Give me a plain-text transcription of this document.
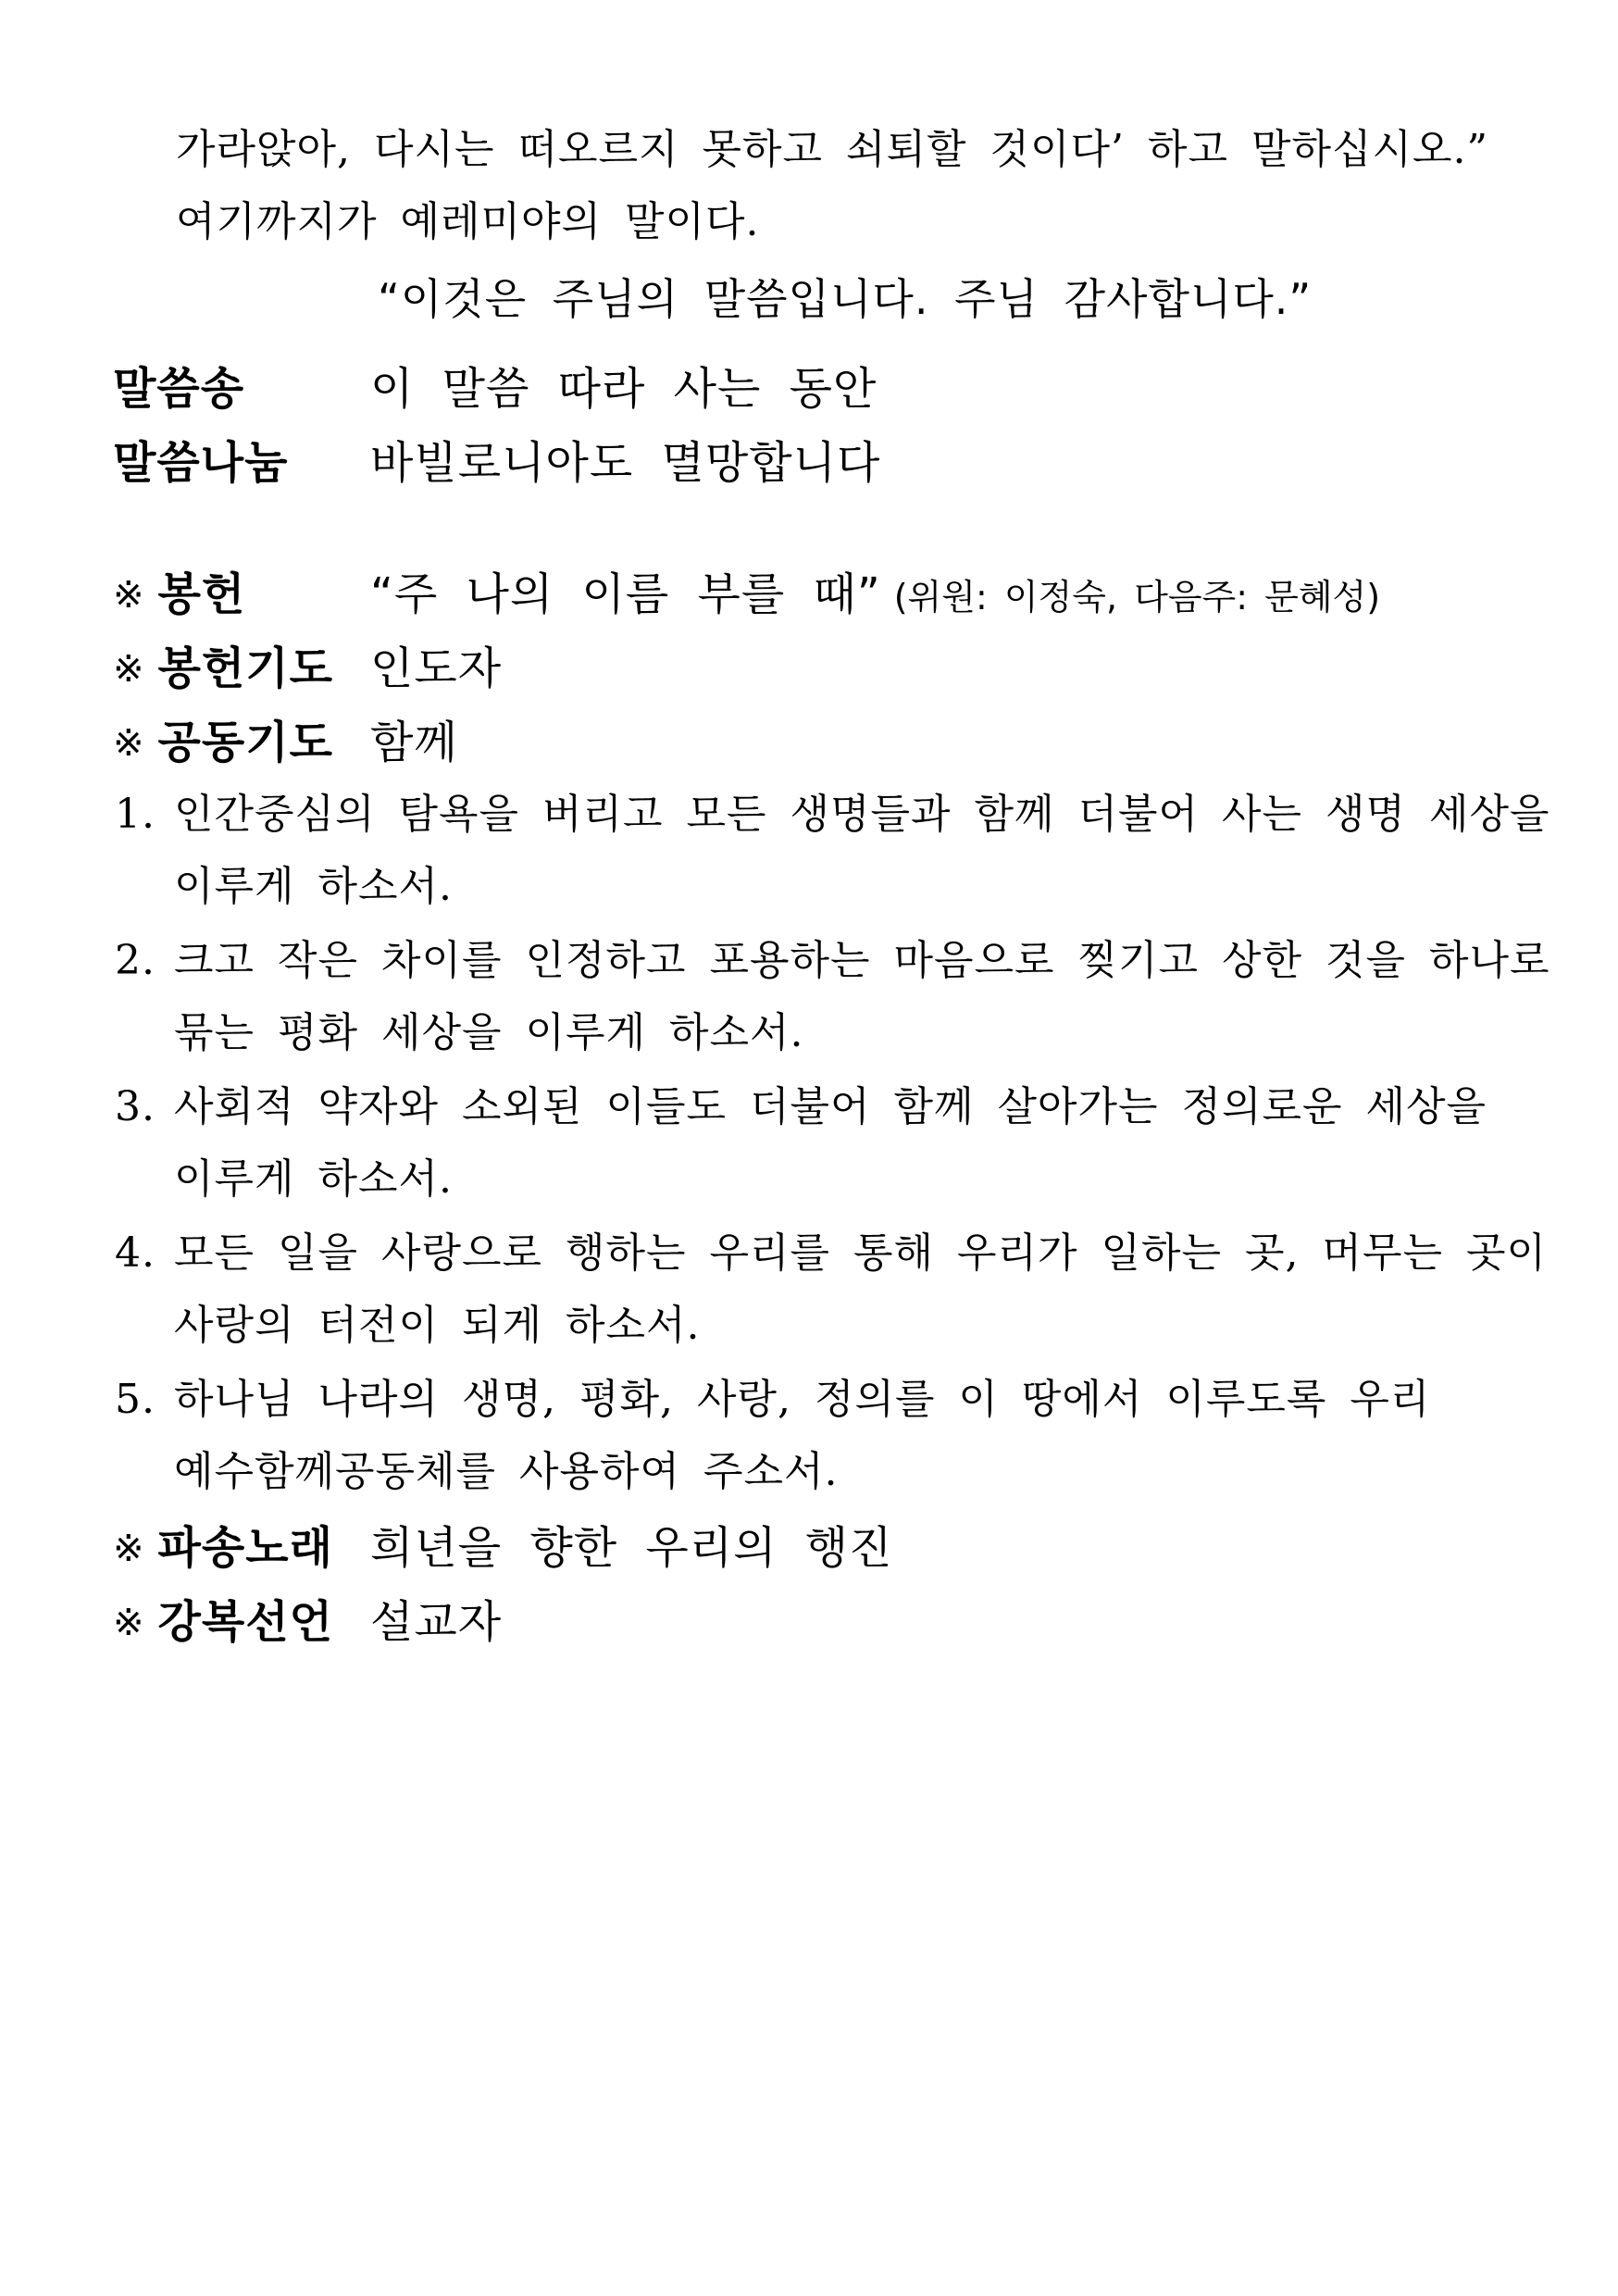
가라앉아, 다시는 떠오르지 못하고 쇠퇴할 것이다’ 하고 말하십시오.”
여기까지가 예레미야의 말이다.
“이것은 주님의 말씀입니다. 주님 감사합니다.”
말씀송	이 말씀 따라 사는 동안
말씀나눔 바빌로니아도 멸망합니다
※ 봉헌	“주 나의 이름 부를 때” (위원: 이정숙, 다음주: 문혜성)
※ 봉헌기도 인도자
※ 공동기도 함께
1. 인간중심의 탐욕을 버리고 모든 생명들과 함께 더불어 사는 생명 세상을
이루게 하소서.
2. 크고 작은 차이를 인정하고 포용하는 마음으로 찢기고 상한 것을 하나로
묶는 평화 세상을 이루게 하소서.
3. 사회적 약자와 소외된 이들도 더불어 함께 살아가는 정의로운 세상을
이루게 하소서.
4. 모든 일을 사랑으로 행하는 우리를 통해 우리가 일하는 곳, 머무는 곳이
사랑의 터전이 되게 하소서.
5. 하나님 나라의 생명, 평화, 사랑, 정의를 이 땅에서 이루도록 우리
예수함께공동체를 사용하여 주소서.
※ 파송노래 희년을 향한 우리의 행진
※ 강복선언 설교자
